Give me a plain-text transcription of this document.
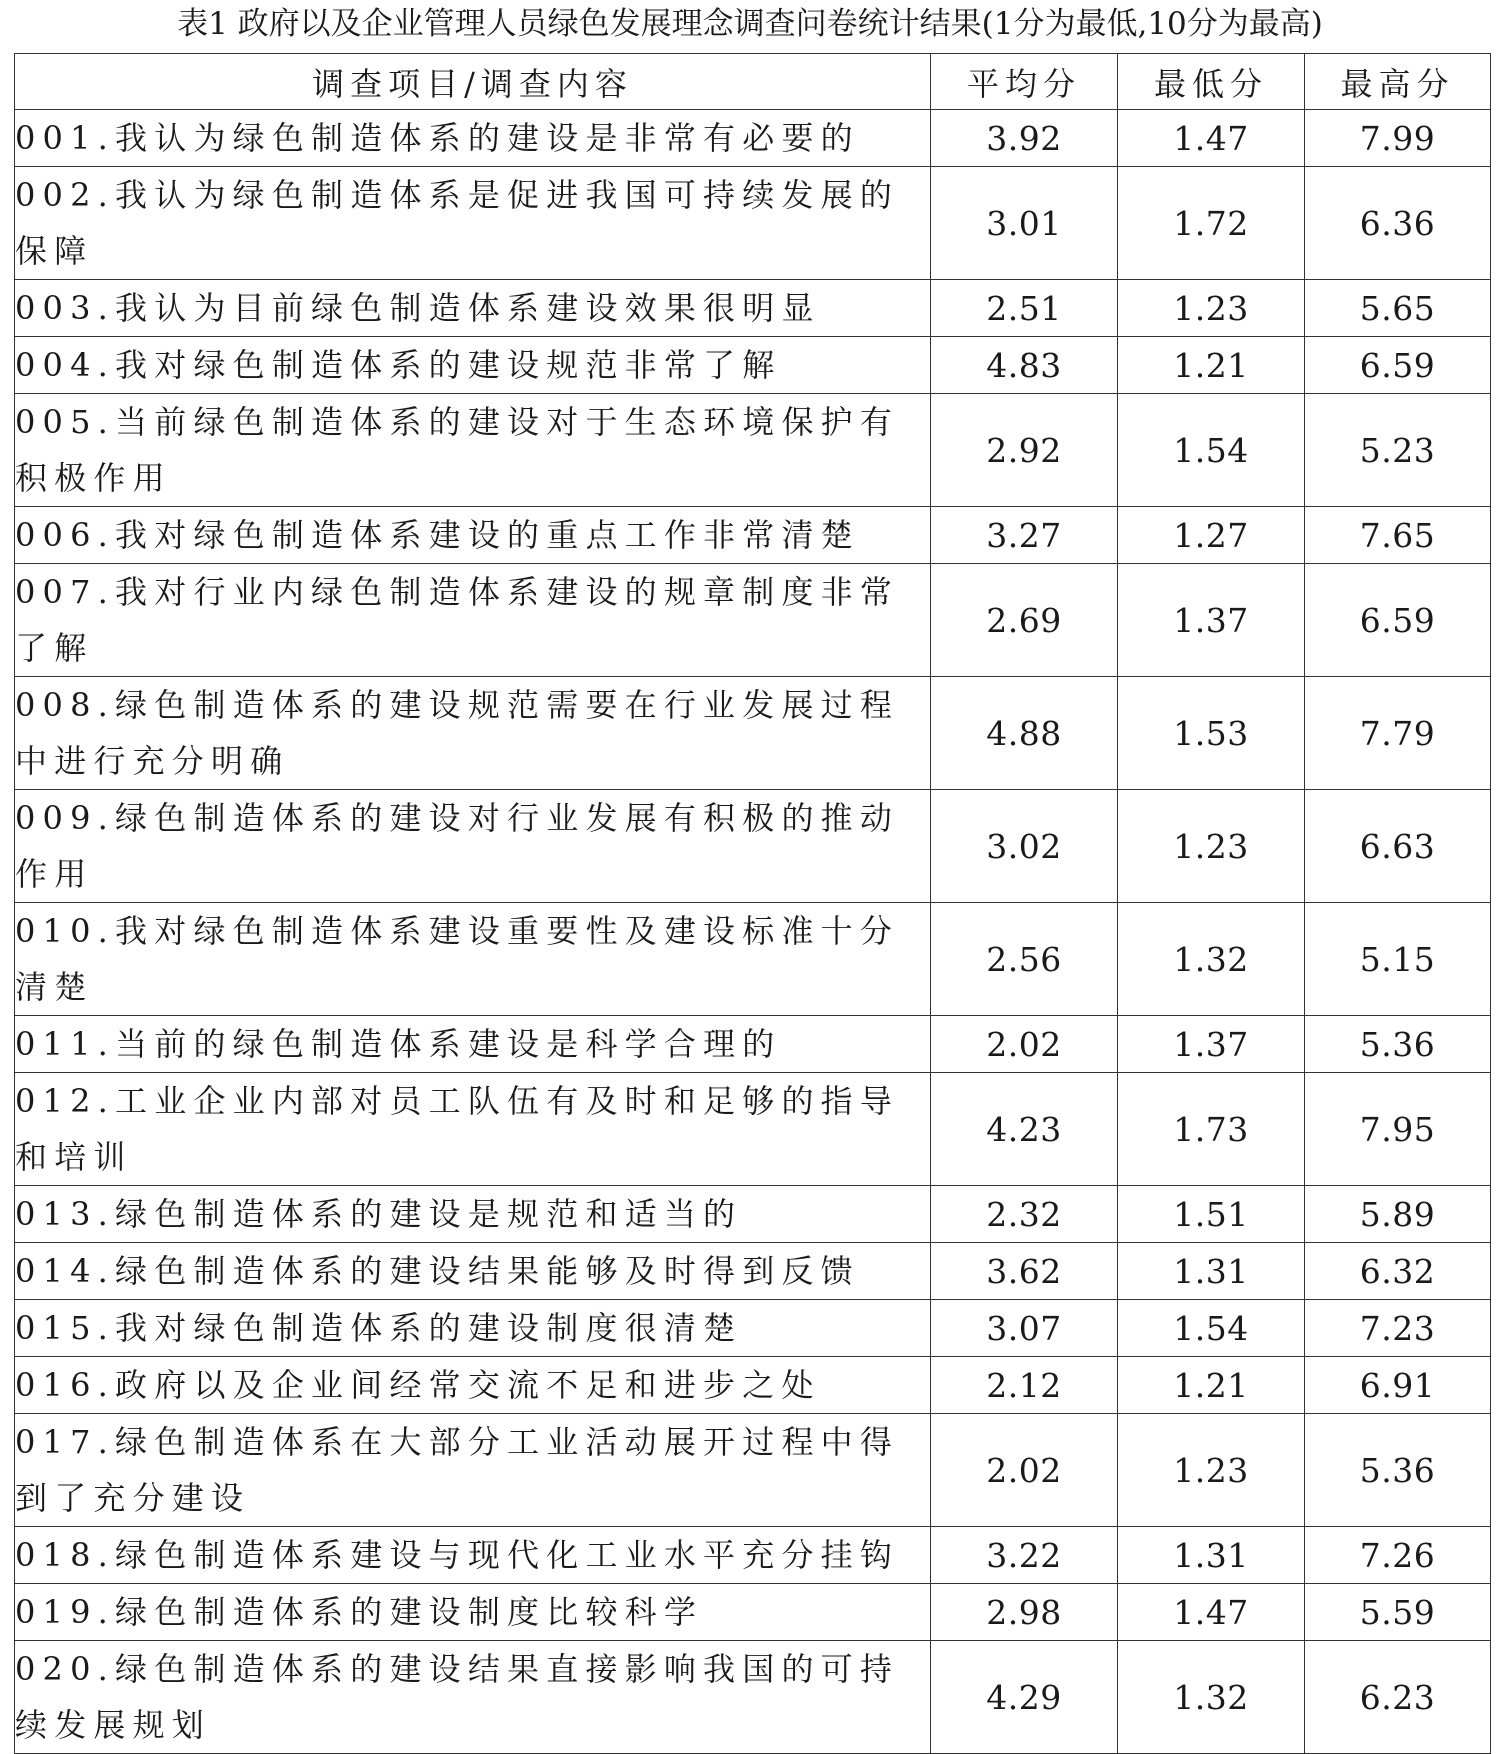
表1 政府以及企业管理人员绿色发展理念调查问卷统计结果(1分为最低,10分为最高)
调查项目/调查内容	平均分	最低分	最高分
001.我认为绿色制造体系的建设是非常有必要的	3.92	1.47	7.99
002.我认为绿色制造体系是促进我国可持续发展的保障	3.01	1.72	6.36
003.我认为目前绿色制造体系建设效果很明显	2.51	1.23	5.65
004.我对绿色制造体系的建设规范非常了解	4.83	1.21	6.59
005.当前绿色制造体系的建设对于生态环境保护有积极作用	2.92	1.54	5.23
006.我对绿色制造体系建设的重点工作非常清楚	3.27	1.27	7.65
007.我对行业内绿色制造体系建设的规章制度非常了解	2.69	1.37	6.59
008.绿色制造体系的建设规范需要在行业发展过程中进行充分明确	4.88	1.53	7.79
009.绿色制造体系的建设对行业发展有积极的推动作用	3.02	1.23	6.63
010.我对绿色制造体系建设重要性及建设标准十分清楚	2.56	1.32	5.15
011.当前的绿色制造体系建设是科学合理的	2.02	1.37	5.36
012.工业企业内部对员工队伍有及时和足够的指导和培训	4.23	1.73	7.95
013.绿色制造体系的建设是规范和适当的	2.32	1.51	5.89
014.绿色制造体系的建设结果能够及时得到反馈	3.62	1.31	6.32
015.我对绿色制造体系的建设制度很清楚	3.07	1.54	7.23
016.政府以及企业间经常交流不足和进步之处	2.12	1.21	6.91
017.绿色制造体系在大部分工业活动展开过程中得到了充分建设	2.02	1.23	5.36
018.绿色制造体系建设与现代化工业水平充分挂钩	3.22	1.31	7.26
019.绿色制造体系的建设制度比较科学	2.98	1.47	5.59
020.绿色制造体系的建设结果直接影响我国的可持续发展规划	4.29	1.32	6.23
